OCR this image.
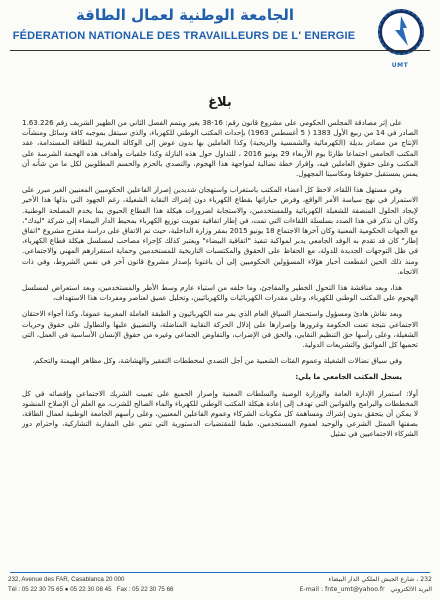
UMT
الجامعة الوطنية لعمال الطاقة
FÉDERATION NATIONALE DES TRAVAILLEURS DE L' ENERGIE
بلاغ

على إثر مصادقة المجلس الحكومي على مشروع قانون رقم: 16-38 يغير ويتمم الفصل الثاني من الظهير الشريف رقم 1.63.226 الصادر في 14 من ربيع الأول 1383 ( 5 أغسطس 1963) بإحداث المكتب الوطني للكهرباء، والذي سيتقل بموجبه كافة وسائل ومنشآت الإنتاج من مصادر بديلة (الكهرمائية والشمسية والريحية) وكذا العاملين بها بدون عوض إلى الوكالة المغربية للطاقة المستدامة، عقد المكتب الجامعي اجتماعا طارئا يوم الأربعاء 29 يونيو 2016 ، للتداول حول هذه النازلة وكذا خلفيات وأهداف هذه الهجمة الشرسة على المكتب وعلى حقوق العاملين فيه، وإقرار خطة نضالية لمواجهة هذا الهجوم، والتصدي بالحزم والحسم المطلوبين لكل ما من شأنه أن يمس بمستقبل حقوقنا ومكاسبنا المجهول.

وفي مستهل هذا اللقاء، لاحظ كل أعضاء المكتب باستغراب واستهجان شديدين إصرار الفاعلين الحكوميين المعنيين الغير مبرر على الاستمرار في نهج سياسة الأمر الواقع، وفرض خياراتها بقطاع الكهرباء دون إشراك النقابة الشغيلة، رغم الجهود التي بذلها هذا الأخير لإيجاد الحلول المنصفة للشغيلة الكهربائية وللمستخدمين، والاستجابة لضرورات هيكلة هذا القطاع الحيوي بما يخدم المصلحة الوطنية. وكان أن نذكر في هذا الصدد بسلسلة اللقاءات التي تمت، في إطار اتفاقية تفويت توزيع الكهرباء بمحيط الدار البيضاء إلى شركة "ليدك"، مع الجهات الحكومية المعنية وكان آخرها الاجتماع 18 يونيو 2015 بمقر وزارة الداخلية، حيث تم الاتفاق على دراسة مقترح مشروع "اتفاق إطار" كان قد تقدم به الوفد الجامعي يدبر لمواكبة تنفيذ "اتفاقية البيضاء" ويعتبر كذلك كإجراء مصاحب لمسلسل هيكلة قطاع الكهرباء، في ظل التوجهات الجديدة للدولة، مع الحفاظ على الحقوق والمكتسبات التاريخية للمستخدمين وحماية استقرارهم المهني والاجتماعي. ومنذ ذلك الحين انقطعت أخبار هؤلاء المسؤولين الحكوميين إلى أن باغتونا بإصدار مشروع قانون آخر في نفس الشروط، وفي ذات الاتجاه.

هذا، وبعد مناقشة هذا التحول الخطير والمفاجئ، وما خلفه من استياء عارم وسط الأطر والمستخدمين، وبعد استعراض لمسلسل الهجوم على المكتب الوطني للكهرباء، وعلى مقدرات الكهربائيات والكهربائيين، وتحليل عميق لعناصر ومفردات هذا الاستهداف،

وبعد نقاش هادئ ومسؤول واستحضار السياق العام الذي يمر منه الكهربائيون و الطبقة العاملة المغربية عموما، وكذا أجواء الاحتقان الاجتماعي نتيجة تعنت الحكومة وغرورها وإصرارها على إذلال الحركة النقابية المناضلة، والتضييق عليها والتطاول على حقوق وحريات الشغيلة، وعلى رأسها حق التنظيم النقابي، والحق في الإضراب، والتفاوض الجماعي وغيره من حقوق الإنسان الأساسية في العمل، التي تحميها كل المواثيق والتشريعات الدولية.

وفي سياق نضالات الشغيلة وعموم الفئات الشعبية من أجل التصدي لمخططات التفقير والهشاشة، وكل مظاهر الهيمنة والتحكم،

يسجل المكتب الجامعي ما يلي:

أولا: استمرار الإدارة العامة والوزارة الوصية والسلطات المعنية وإصرار الجميع على تغييب الشريك الاجتماعي وإقصائه في كل المخططات والبرامج والقوانين التي تهدف إلى إعادة هيكلة المكتب الوطني للكهرباء والماء الصالح للشرب، مع العلم أن الإصلاح المنشود لا يمكن أن يتحقق بدون إشراك ومساهمة كل مكونات الشركاء وعموم الفاعلين المعنيين، وعلى رأسهم الجامعة الوطنية لعمال الطاقة، بصفتها الممثل الشرعي والوحيد لعموم المستخدمين، طبقا للمقتضيات الدستورية التي تنص على المقاربة التشاركية، واحترام دور الشركاء الاجتماعيين في تمثيل

232, Avenue des FAR, Casablanca 20 000	232 ، شارع الجيش الملكي الدار البيضاء
Tél : 05 22 30 75 65 ● 05 22 30 08 45 Fax : 05 22 30 75 66	البريد الالكتروني   E-mail : fnte_umt@yahoo.fr
